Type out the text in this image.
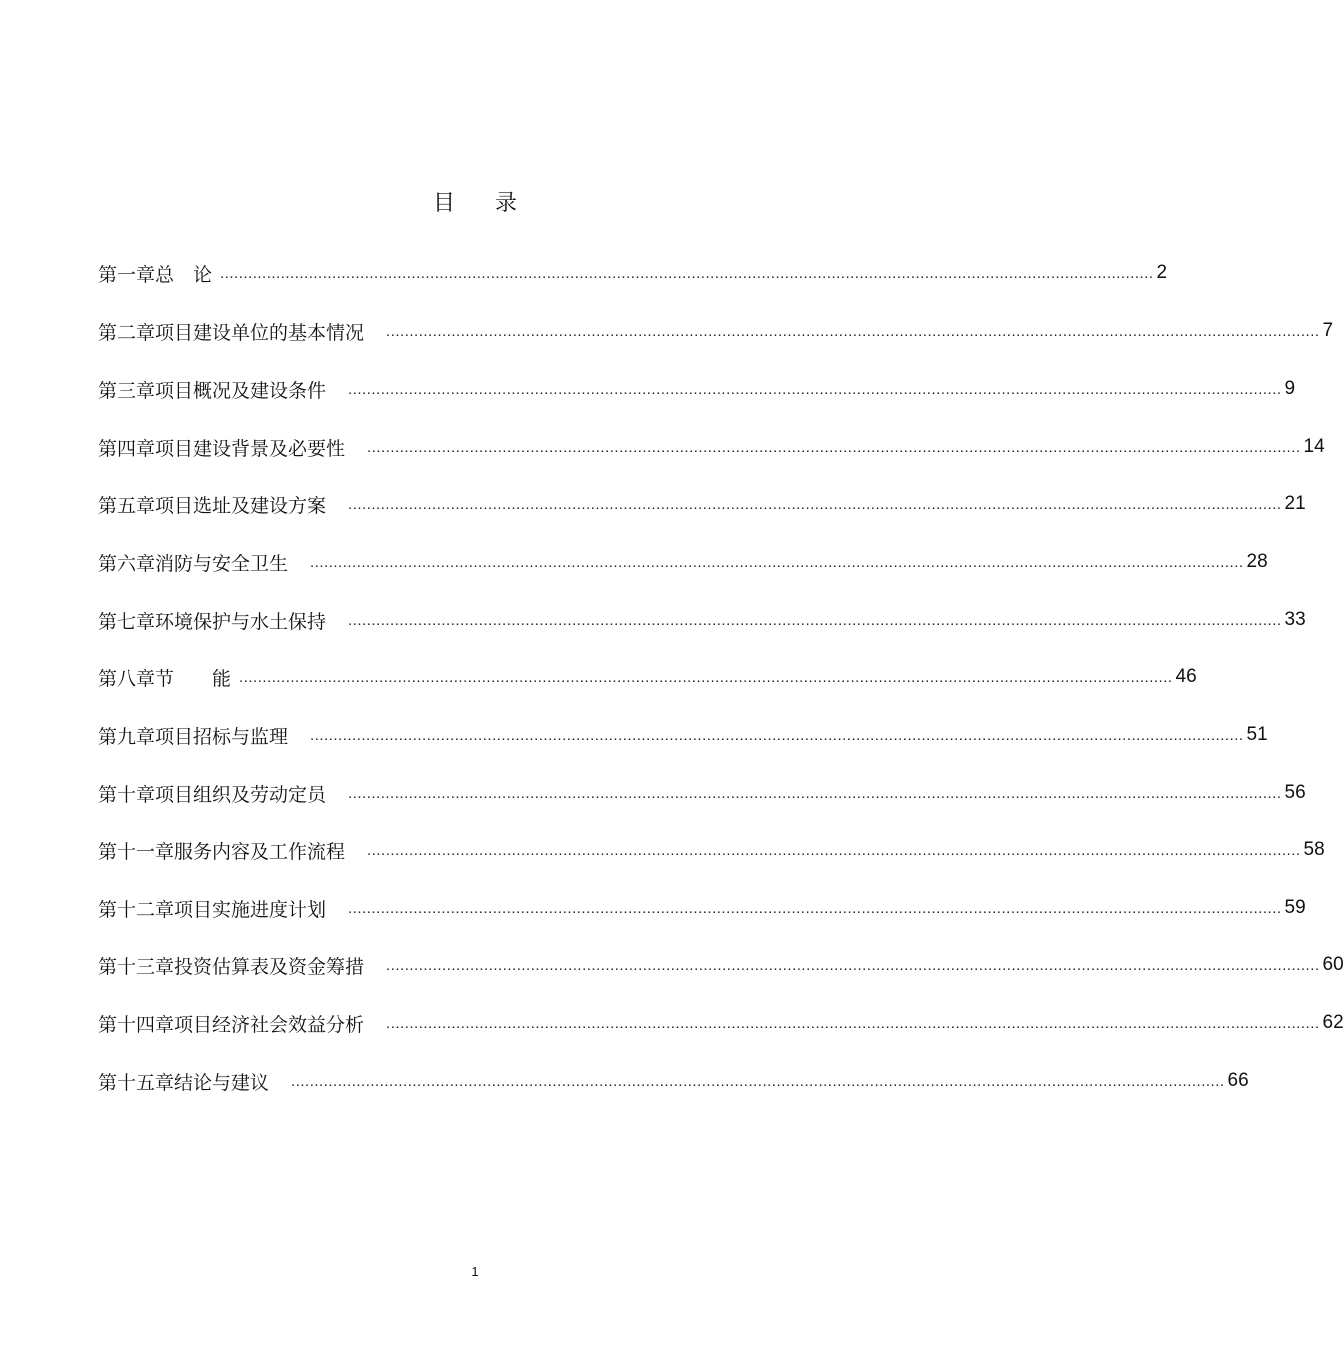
目录
第一章 总　论 ........................................................................................................................................................................................................ 2
第二章 项目建设单位的基本情况 ........................................................................................................................................................................................................ 7
第三章 项目概况及建设条件 ........................................................................................................................................................................................................ 9
第四章 项目建设背景及必要性 ........................................................................................................................................................................................................ 14
第五章 项目选址及建设方案 ........................................................................................................................................................................................................ 21
第六章 消防与安全卫生 ........................................................................................................................................................................................................ 28
第七章 环境保护与水土保持 ........................................................................................................................................................................................................ 33
第八章 节　　能 ........................................................................................................................................................................................................ 46
第九章 项目招标与监理 ........................................................................................................................................................................................................ 51
第十章 项目组织及劳动定员 ........................................................................................................................................................................................................ 56
第十一章 服务内容及工作流程 ........................................................................................................................................................................................................ 58
第十二章 项目实施进度计划 ........................................................................................................................................................................................................ 59
第十三章 投资估算表及资金筹措 ........................................................................................................................................................................................................ 60
第十四章 项目经济社会效益分析 ........................................................................................................................................................................................................ 62
第十五章 结论与建议 ........................................................................................................................................................................................................ 66
1
